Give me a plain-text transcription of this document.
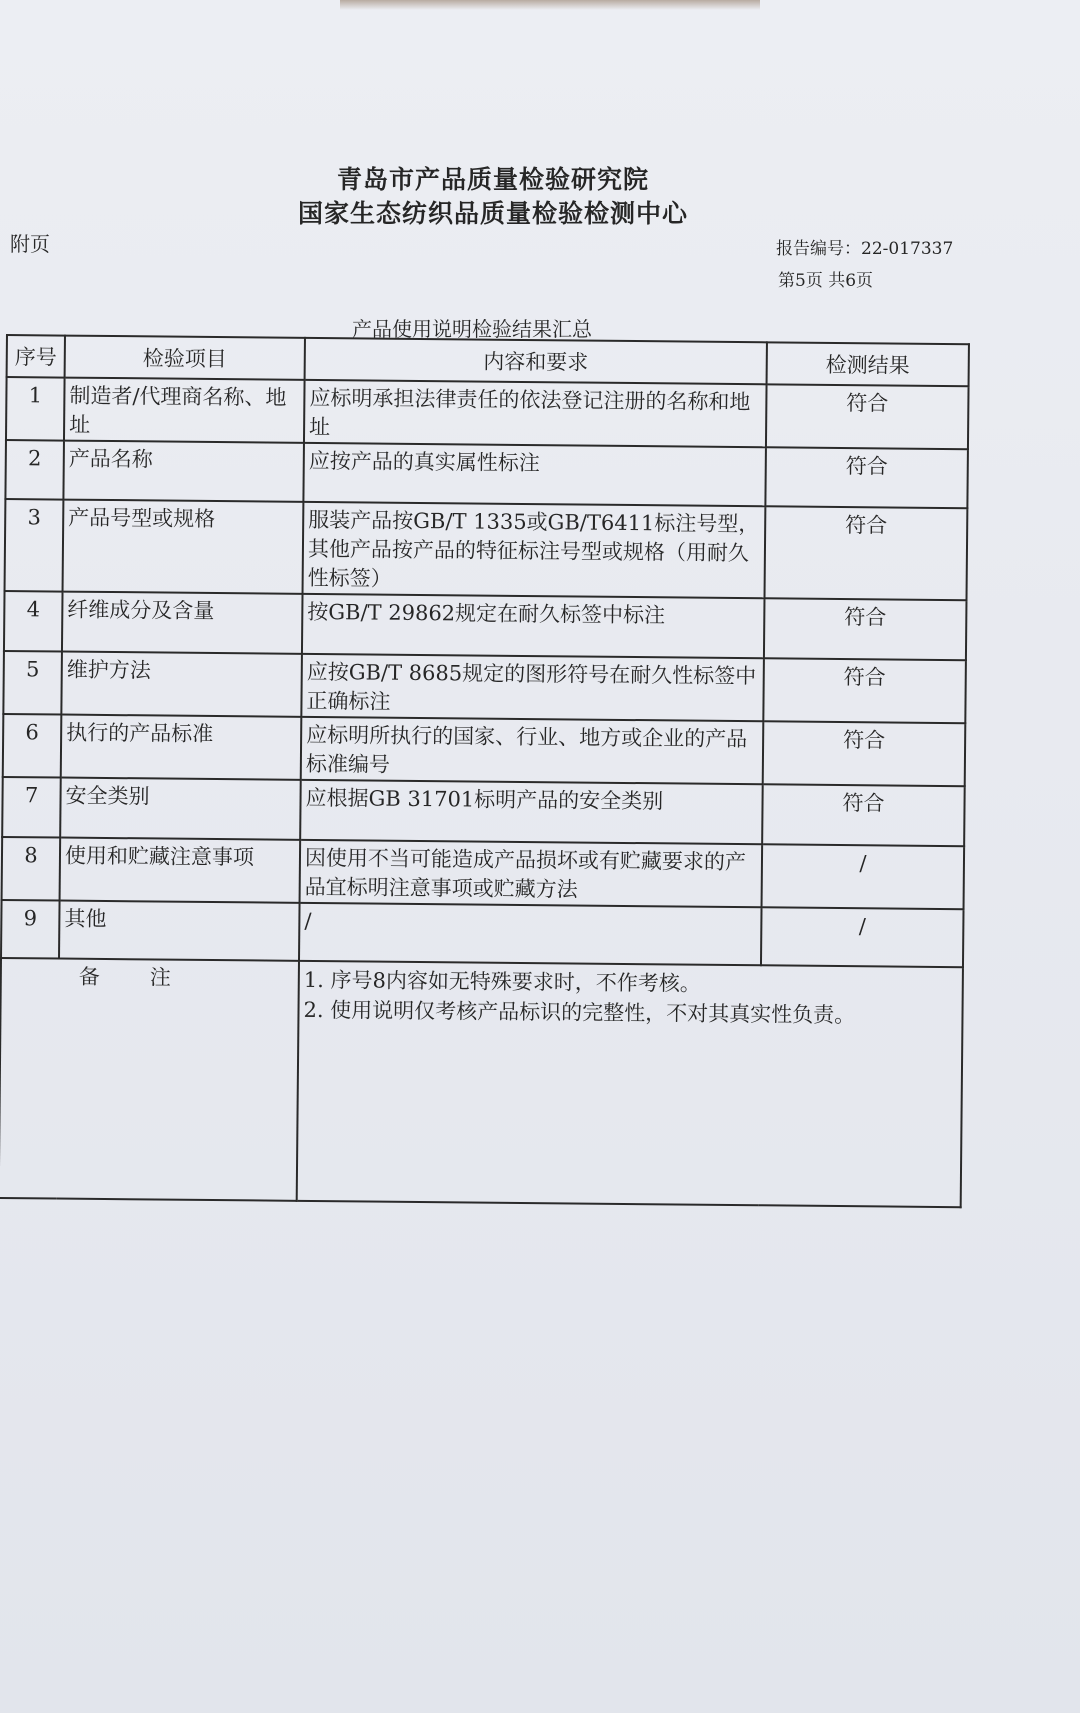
青岛市产品质量检验研究院
国家生态纺织品质量检验检测中心
附页	报告编号：22-017337
第5页 共6页
产品使用说明检验结果汇总
序号	检验项目	内容和要求	检测结果
1	制造者/代理商名称、地址	应标明承担法律责任的依法登记注册的名称和地址	符合
2	产品名称	应按产品的真实属性标注	符合
3	产品号型或规格	服装产品按GB/T 1335或GB/T6411标注号型，其他产品按产品的特征标注号型或规格（用耐久性标签）	符合
4	纤维成分及含量	按GB/T 29862规定在耐久标签中标注	符合
5	维护方法	应按GB/T 8685规定的图形符号在耐久性标签中正确标注	符合
6	执行的产品标准	应标明所执行的国家、行业、地方或企业的产品标准编号	符合
7	安全类别	应根据GB 31701标明产品的安全类别	符合
8	使用和贮藏注意事项	因使用不当可能造成产品损坏或有贮藏要求的产品宜标明注意事项或贮藏方法	/
9	其他	/	/
备注		1. 序号8内容如无特殊要求时，不作考核。
2. 使用说明仅考核产品标识的完整性，不对其真实性负责。	
